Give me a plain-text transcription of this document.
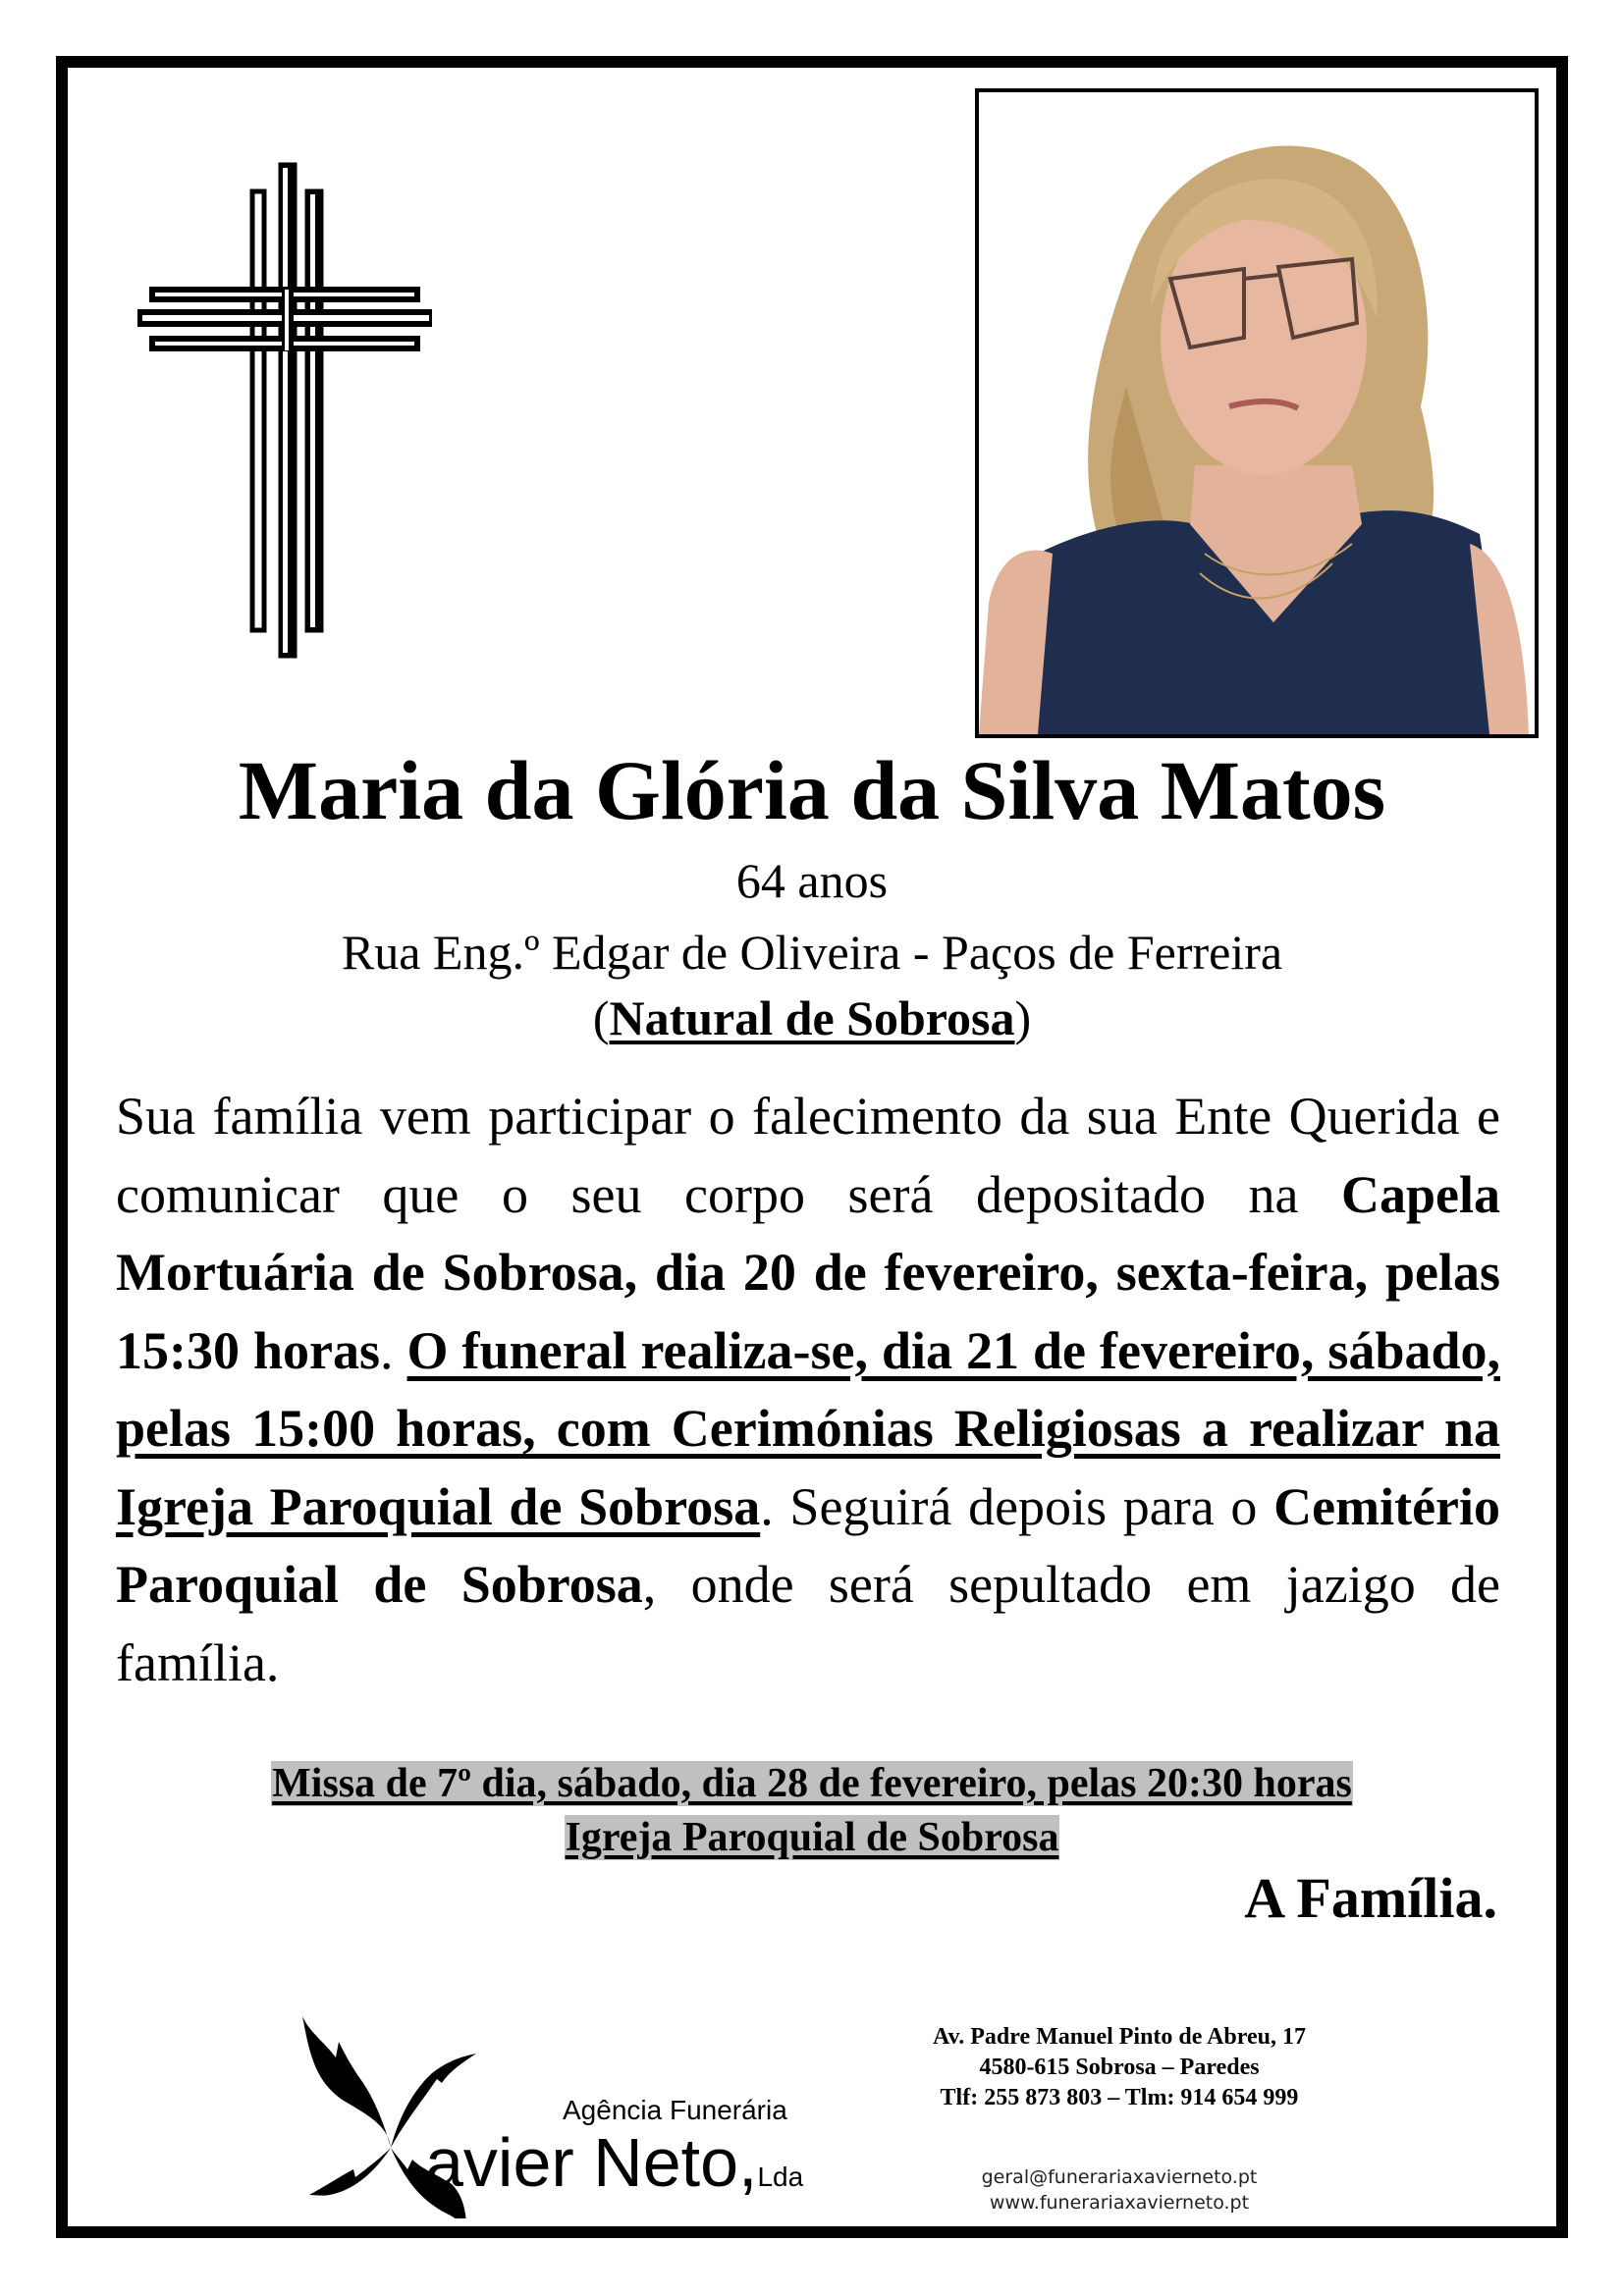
Maria da Glória da Silva Matos
64 anos
Rua Eng.º Edgar de Oliveira - Paços de Ferreira
(Natural de Sobrosa)
Sua família vem participar o falecimento da sua Ente Querida e comunicar que o seu corpo será depositado na Capela Mortuária de Sobrosa, dia 20 de fevereiro, sexta-feira, pelas 15:30 horas. O funeral realiza-se, dia 21 de fevereiro, sábado, pelas 15:00 horas, com Cerimónias Religiosas a realizar na Igreja Paroquial de Sobrosa. Seguirá depois para o Cemitério Paroquial de Sobrosa, onde será sepultado em jazigo de família.
Missa de 7º dia, sábado, dia 28 de fevereiro, pelas 20:30 horas
Igreja Paroquial de Sobrosa
A Família.
Agência Funerária
avier Neto,Lda
Av. Padre Manuel Pinto de Abreu, 17
4580-615 Sobrosa – Paredes
Tlf: 255 873 803 – Tlm: 914 654 999
geral@funerariaxavierneto.pt
www.funerariaxavierneto.pt
